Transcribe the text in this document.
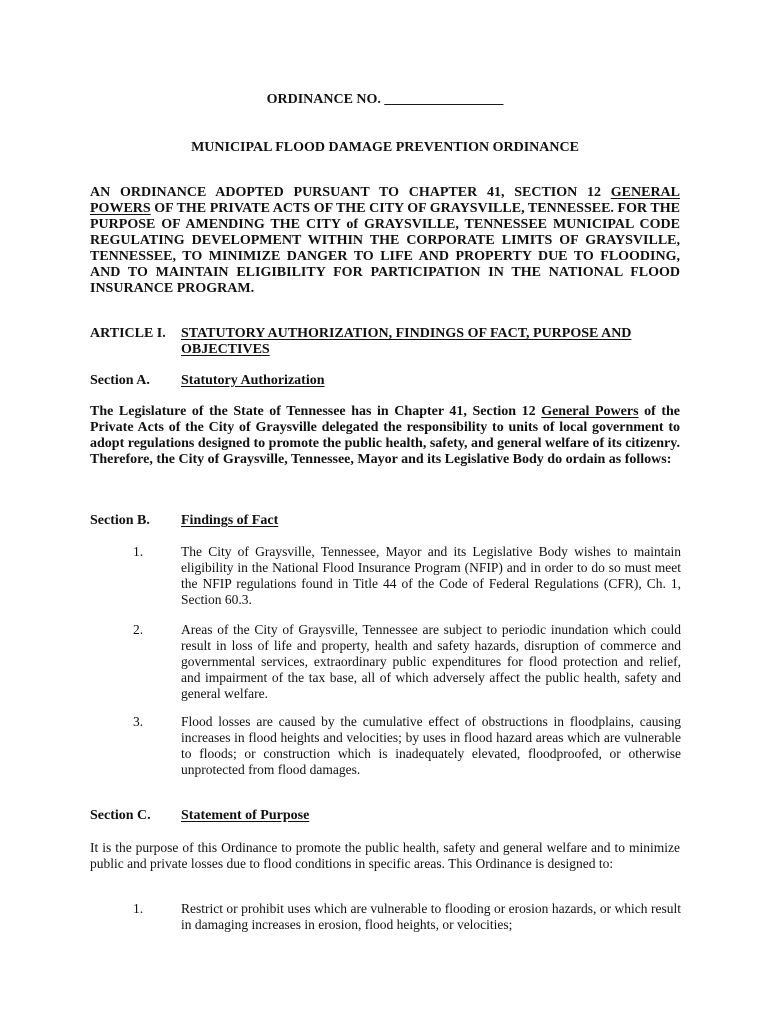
ORDINANCE NO. _________________
MUNICIPAL FLOOD DAMAGE PREVENTION ORDINANCE
AN ORDINANCE ADOPTED PURSUANT TO CHAPTER 41, SECTION 12 GENERAL POWERS OF THE PRIVATE ACTS OF THE CITY OF GRAYSVILLE, TENNESSEE. FOR THE PURPOSE OF AMENDING THE CITY of GRAYSVILLE, TENNESSEE MUNICIPAL CODE REGULATING DEVELOPMENT WITHIN THE CORPORATE LIMITS OF GRAYSVILLE, TENNESSEE, TO MINIMIZE DANGER TO LIFE AND PROPERTY DUE TO FLOODING, AND TO MAINTAIN ELIGIBILITY FOR PARTICIPATION IN THE NATIONAL FLOOD INSURANCE PROGRAM.
ARTICLE I. STATUTORY AUTHORIZATION, FINDINGS OF FACT, PURPOSE AND OBJECTIVES
Section A. Statutory Authorization
The Legislature of the State of Tennessee has in Chapter 41, Section 12 General Powers of the Private Acts of the City of Graysville delegated the responsibility to units of local government to adopt regulations designed to promote the public health, safety, and general welfare of its citizenry. Therefore, the City of Graysville, Tennessee, Mayor and its Legislative Body do ordain as follows:
Section B. Findings of Fact
1.	The City of Graysville, Tennessee, Mayor and its Legislative Body wishes to maintain eligibility in the National Flood Insurance Program (NFIP) and in order to do so must meet the NFIP regulations found in Title 44 of the Code of Federal Regulations (CFR), Ch. 1, Section 60.3.
2.	Areas of the City of Graysville, Tennessee are subject to periodic inundation which could result in loss of life and property, health and safety hazards, disruption of commerce and governmental services, extraordinary public expenditures for flood protection and relief, and impairment of the tax base, all of which adversely affect the public health, safety and general welfare.
3.	Flood losses are caused by the cumulative effect of obstructions in floodplains, causing increases in flood heights and velocities; by uses in flood hazard areas which are vulnerable to floods; or construction which is inadequately elevated, floodproofed, or otherwise unprotected from flood damages.
Section C. Statement of Purpose
It is the purpose of this Ordinance to promote the public health, safety and general welfare and to minimize public and private losses due to flood conditions in specific areas. This Ordinance is designed to:
1.	Restrict or prohibit uses which are vulnerable to flooding or erosion hazards, or which result in damaging increases in erosion, flood heights, or velocities;
